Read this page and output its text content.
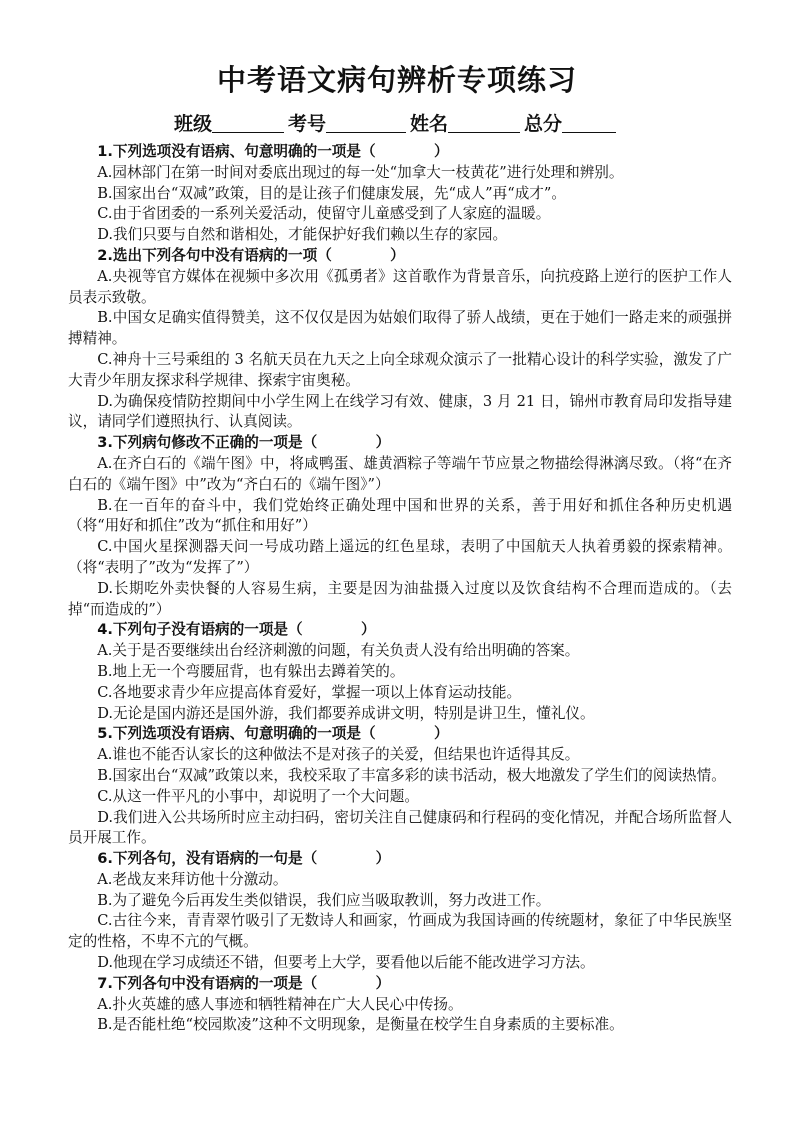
中考语文病句辨析专项练习
班级	考号	姓名	总分

1.下列选项没有语病、句意明确的一项是（　　　　）

A.园林部门在第一时间对委底出现过的每一处“加拿大一枝黄花”进行处理和辨别。

B.国家出台“双减”政策，目的是让孩子们健康发展，先“成人”再“成才”。

C.由于省团委的一系列关爱活动，使留守儿童感受到了人家庭的温暖。

D.我们只要与自然和谐相处，才能保护好我们赖以生存的家园。

2.选出下列各句中没有语病的一项（　　　　）

A.央视等官方媒体在视频中多次用《孤勇者》这首歌作为背景音乐，向抗疫路上逆行的医护工作人员表示致敬。

B.中国女足确实值得赞美，这不仅仅是因为姑娘们取得了骄人战绩，更在于她们一路走来的顽强拼搏精神。

C.神舟十三号乘组的 3 名航天员在九天之上向全球观众演示了一批精心设计的科学实验，激发了广大青少年朋友探求科学规律、探索宇宙奥秘。

D.为确保疫情防控期间中小学生网上在线学习有效、健康，3 月 21 日，锦州市教育局印发指导建议，请同学们遵照执行、认真阅读。

3.下列病句修改不正确的一项是（　　　　）

A.在齐白石的《端午图》中，将咸鸭蛋、雄黄酒粽子等端午节应景之物描绘得淋漓尽致。（将“在齐白石的《端午图》中”改为“齐白石的《端午图》”）

B.在一百年的奋斗中，我们党始终正确处理中国和世界的关系，善于用好和抓住各种历史机遇（将“用好和抓住”改为“抓住和用好”）

C.中国火星探测器天问一号成功踏上遥远的红色星球，表明了中国航天人执着勇毅的探索精神。（将“表明了”改为“发挥了”）

D.长期吃外卖快餐的人容易生病，主要是因为油盐摄入过度以及饮食结构不合理而造成的。（去掉“而造成的”）

4.下列句子没有语病的一项是（　　　　）

A.关于是否要继续出台经济刺激的问题，有关负责人没有给出明确的答案。

B.地上无一个弯腰屈背，也有躲出去蹲着笑的。

C.各地要求青少年应提高体育爱好，掌握一项以上体育运动技能。

D.无论是国内游还是国外游，我们都要养成讲文明，特别是讲卫生，懂礼仪。

5.下列选项没有语病、句意明确的一项是（　　　　）

A.谁也不能否认家长的这种做法不是对孩子的关爱，但结果也许适得其反。

B.国家出台“双减”政策以来，我校采取了丰富多彩的读书活动，极大地激发了学生们的阅读热情。

C.从这一件平凡的小事中，却说明了一个大问题。

D.我们进入公共场所时应主动扫码，密切关注自己健康码和行程码的变化情况，并配合场所监督人员开展工作。

6.下列各句，没有语病的一句是（　　　　）

A.老战友来拜访他十分激动。

B.为了避免今后再发生类似错误，我们应当吸取教训，努力改进工作。

C.古往今来，青青翠竹吸引了无数诗人和画家，竹画成为我国诗画的传统题材，象征了中华民族坚定的性格，不卑不亢的气概。

D.他现在学习成绩还不错，但要考上大学，要看他以后能不能改进学习方法。

7.下列各句中没有语病的一项是（　　　　）

A.扑火英雄的感人事迹和牺牲精神在广大人民心中传扬。

B.是否能杜绝“校园欺凌”这种不文明现象，是衡量在校学生自身素质的主要标准。
